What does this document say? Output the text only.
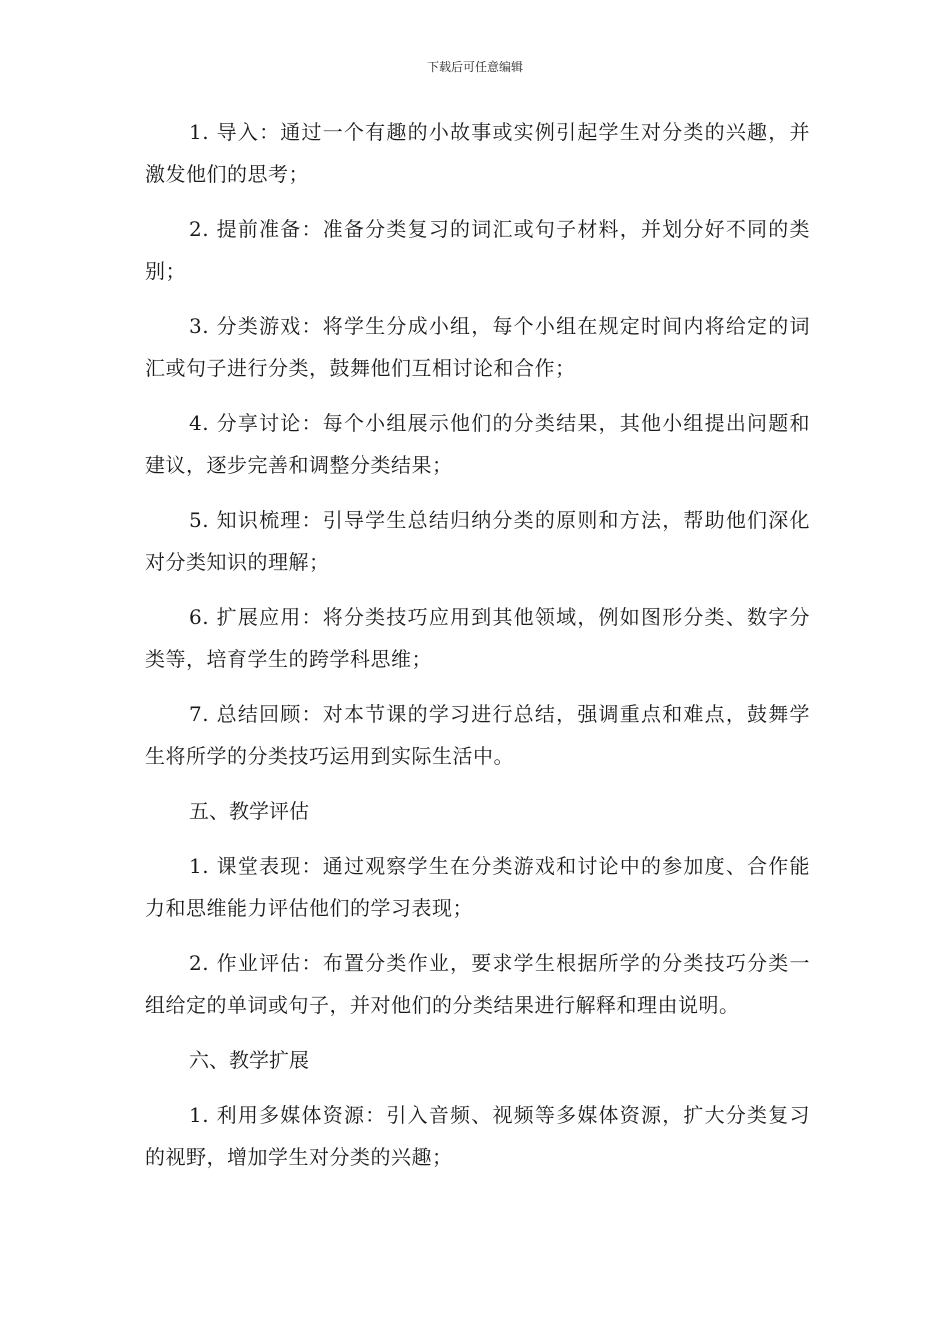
下载后可任意编辑

1. 导入：通过一个有趣的小故事或实例引起学生对分类的兴趣，并激发他们的思考；

2. 提前准备：准备分类复习的词汇或句子材料，并划分好不同的类别；

3. 分类游戏：将学生分成小组，每个小组在规定时间内将给定的词汇或句子进行分类，鼓舞他们互相讨论和合作；

4. 分享讨论：每个小组展示他们的分类结果，其他小组提出问题和建议，逐步完善和调整分类结果；

5. 知识梳理：引导学生总结归纳分类的原则和方法，帮助他们深化对分类知识的理解；

6. 扩展应用：将分类技巧应用到其他领域，例如图形分类、数字分类等，培育学生的跨学科思维；

7. 总结回顾：对本节课的学习进行总结，强调重点和难点，鼓舞学生将所学的分类技巧运用到实际生活中。

五、教学评估

1. 课堂表现：通过观察学生在分类游戏和讨论中的参加度、合作能力和思维能力评估他们的学习表现；

2. 作业评估：布置分类作业，要求学生根据所学的分类技巧分类一组给定的单词或句子，并对他们的分类结果进行解释和理由说明。

六、教学扩展

1. 利用多媒体资源：引入音频、视频等多媒体资源，扩大分类复习的视野，增加学生对分类的兴趣；
